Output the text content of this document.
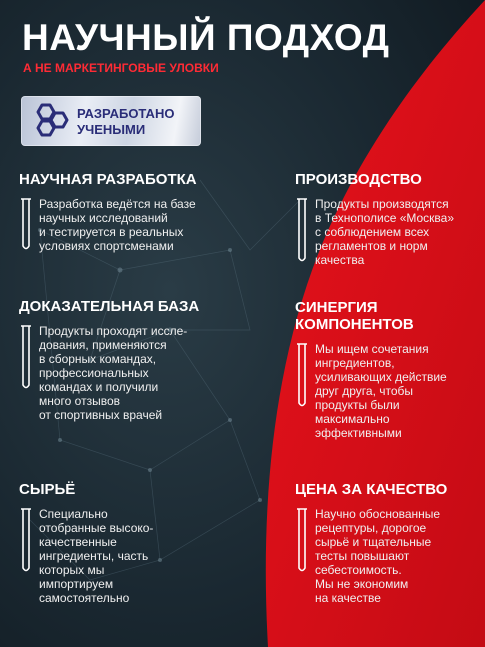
НАУЧНЫЙ ПОДХОД
А НЕ МАРКЕТИНГОВЫЕ УЛОВКИ
РАЗРАБОТАНО
УЧЕНЫМИ
НАУЧНАЯ РАЗРАБОТКА

Разработка ведётся на базе
научных исследований
и тестируется в реальных
условиях спортсменами

ДОКАЗАТЕЛЬНАЯ БАЗА

Продукты проходят иссле-
дования, применяются
в сборных командах,
профессиональных
командах и получили
много отзывов
от спортивных врачей

СЫРЬЁ

Специально
отобранные высоко-
качественные
ингредиенты, часть
которых мы
импортируем
самостоятельно

ПРОИЗВОДСТВО

Продукты производятся
в Технополисе «Москва»
с соблюдением всех
регламентов и норм
качества

СИНЕРГИЯ
КОМПОНЕНТОВ

Мы ищем сочетания
ингредиентов,
усиливающих действие
друг друга, чтобы
продукты были
максимально
эффективными

ЦЕНА ЗА КАЧЕСТВО

Научно обоснованные
рецептуры, дорогое
сырьё и тщательные
тесты повышают
себестоимость.
Мы не экономим
на качестве
